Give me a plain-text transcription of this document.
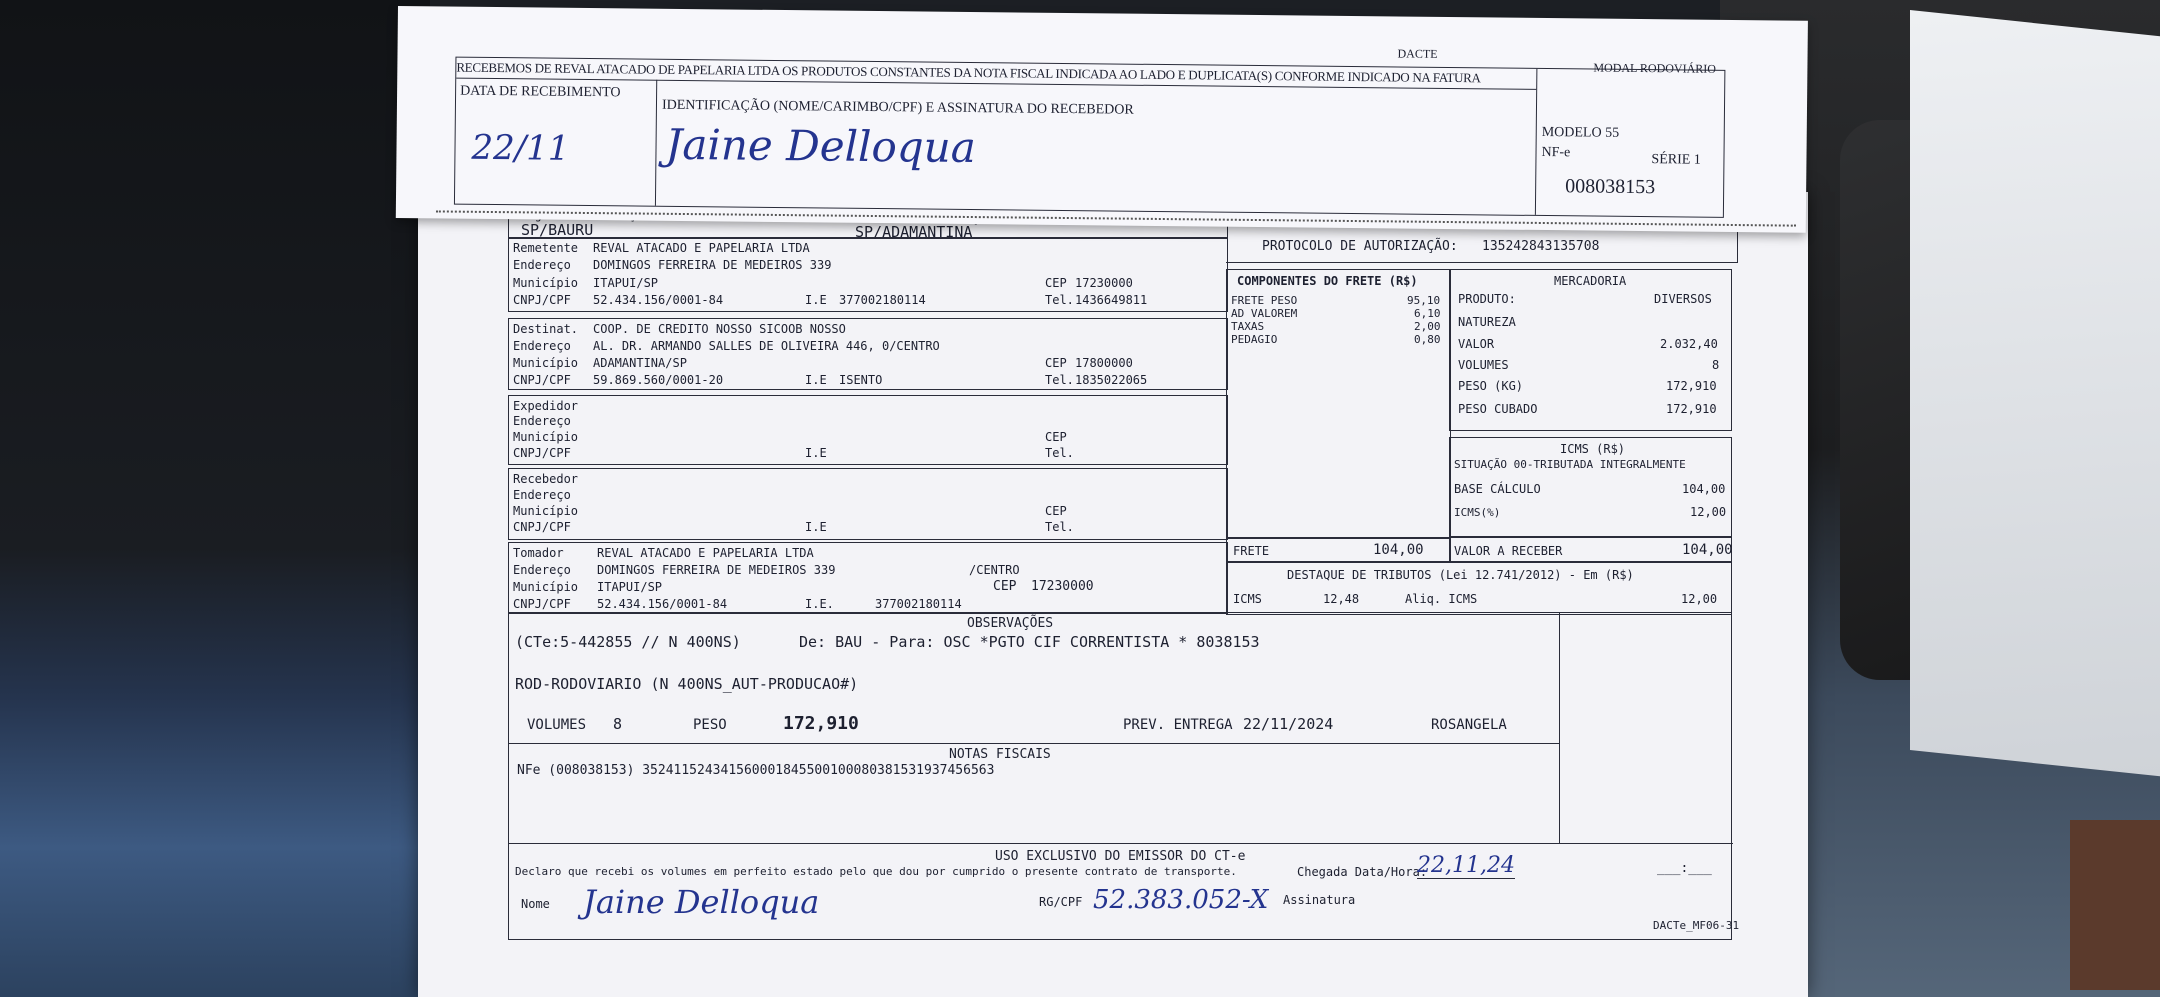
SP/BAURU	SP/ADAMANTINA
PROTOCOLO DE AUTORIZAÇÃO: 135242843135708
Remetente REVAL ATACADO E PAPELARIA LTDA
Endereço DOMINGOS FERREIRA DE MEDEIROS 339
Município ITAPUI/SP	CEP 17230000
CNPJ/CPF 52.434.156/0001-84	I.E 377002180114	Tel. 1436649811
Destinat. COOP. DE CREDITO NOSSO SICOOB NOSSO
Endereço AL. DR. ARMANDO SALLES DE OLIVEIRA 446, 0/CENTRO
Município ADAMANTINA/SP	CEP 17800000
CNPJ/CPF 59.869.560/0001-20	I.E ISENTO	Tel. 1835022065
Expedidor
Endereço
Município	CEP
CNPJ/CPF	I.E	Tel.
Recebedor
Endereço
Município	CEP
CNPJ/CPF	I.E	Tel.
Tomador	REVAL ATACADO E PAPELARIA LTDA
Endereço DOMINGOS FERREIRA DE MEDEIROS 339	/CENTRO
Município ITAPUI/SP	CEP 17230000
CNPJ/CPF 52.434.156/0001-84	I.E.	377002180114
COMPONENTES DO FRETE (R$)
FRETE PESO	95,10
AD VALOREM	6,10
TAXAS	2,00
PEDAGIO	0,80
FRETE	104,00
MERCADORIA
PRODUTO:	DIVERSOS
NATUREZA
VALOR	2.032,40
VOLUMES	8
PESO (KG)	172,910
PESO CUBADO	172,910
ICMS (R$)
SITUAÇÃO 00-TRIBUTADA INTEGRALMENTE
BASE CÁLCULO	104,00
ICMS(%)	12,00
VALOR A RECEBER	104,00
DESTAQUE DE TRIBUTOS (Lei 12.741/2012) - Em (R$)
ICMS	12,48	Aliq. ICMS	12,00
OBSERVAÇÕES
(CTe:5-442855 // N 400NS)	De: BAU - Para: OSC *PGTO CIF CORRENTISTA * 8038153
ROD-RODOVIARIO (N 400NS_AUT-PRODUCAO#)
VOLUMES 8	PESO	172,910	PREV. ENTREGA 22/11/2024	ROSANGELA
NOTAS FISCAIS
NFe (008038153) 35241152434156000184550010008038153193745656​3
USO EXCLUSIVO DO EMISSOR DO CT-e
Declaro que recebi os volumes em perfeito estado pelo que dou por cumprido o presente contrato de transporte.	Chegada Data/Hora:
22,11,24	___:___
Nome Jaine Delloqua	RG/CPF 52.383.052-X Assinatura
DACTe_MF06-31
DACTE
MODAL RODOVIÁRIO
RECEBEMOS DE REVAL ATACADO DE PAPELARIA LTDA OS PRODUTOS CONSTANTES DA NOTA FISCAL INDICADA AO LADO E DUPLICATA(S) CONFORME INDICADO NA FATURA
DATA DE RECEBIMENTO
22/11
IDENTIFICAÇÃO (NOME/CARIMBO/CPF) E ASSINATURA DO RECEBEDOR
Jaine Delloqua	MODELO 55
NF-e	SÉRIE 1
008038153
